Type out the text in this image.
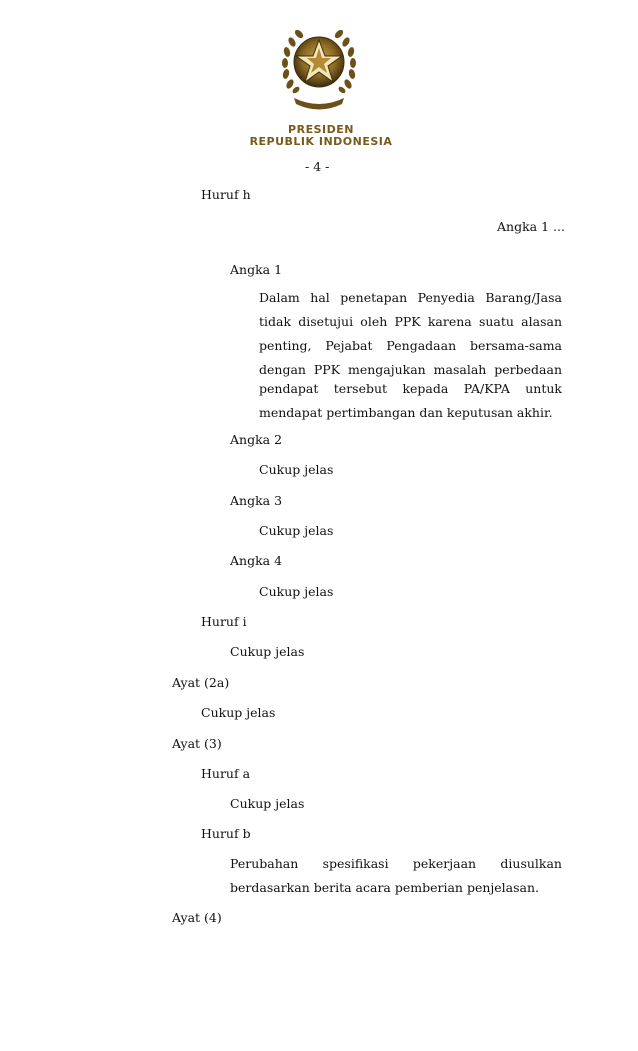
PRESIDEN
REPUBLIK INDONESIA
- 4 -
Huruf h
Angka 1 ...
Angka 1
Dalam hal penetapan Penyedia Barang/Jasa
tidak disetujui oleh PPK karena suatu alasan
penting, Pejabat Pengadaan bersama-sama
dengan PPK mengajukan masalah perbedaan
pendapat tersebut kepada PA/KPA untuk
mendapat pertimbangan dan keputusan akhir.
Angka 2
Cukup jelas
Angka 3
Cukup jelas
Angka 4
Cukup jelas
Huruf i
Cukup jelas
Ayat (2a)
Cukup jelas
Ayat (3)
Huruf a
Cukup jelas
Huruf b
Perubahan spesifikasi pekerjaan diusulkan
berdasarkan berita acara pemberian penjelasan.
Ayat (4)
